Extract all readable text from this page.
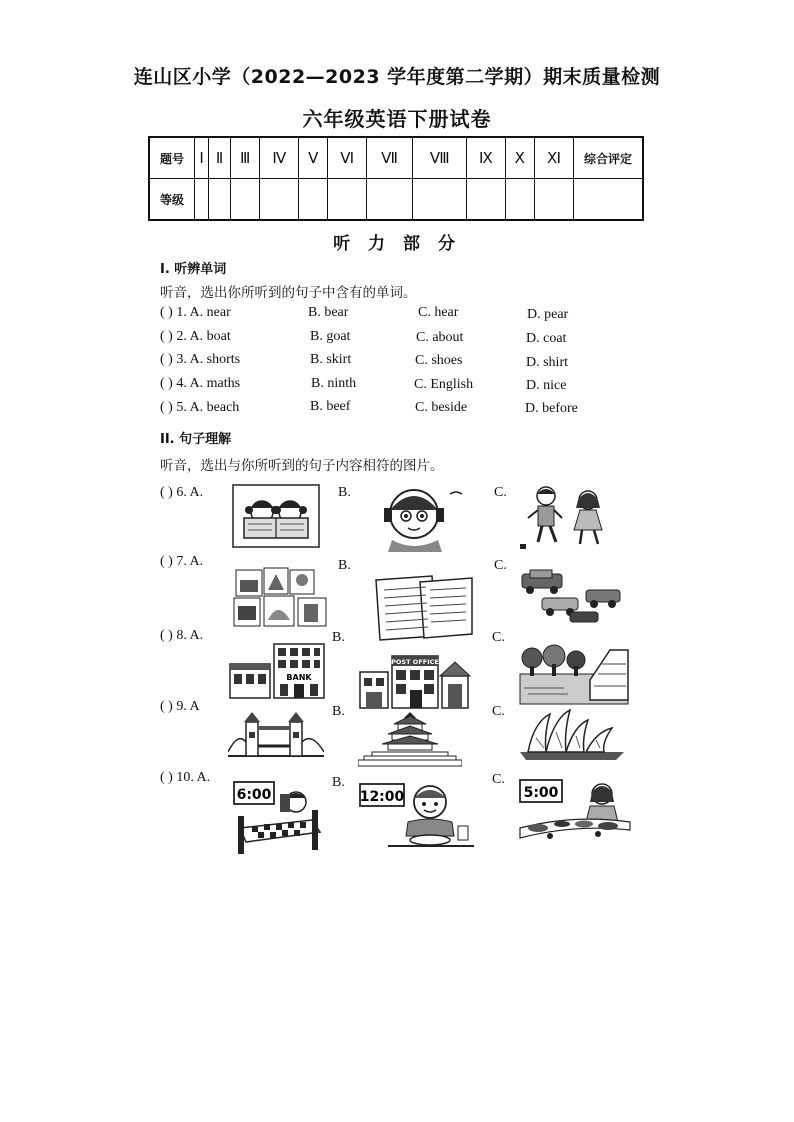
连山区小学（2022—2023 学年度第二学期）期末质量检测
六年级英语下册试卷
题号	Ⅰ	Ⅱ	Ⅲ	Ⅳ	Ⅴ	Ⅵ	Ⅶ	Ⅷ	Ⅸ	Ⅹ	Ⅺ	综合评定
等级												
听 力 部 分
Ⅰ. 听辨单词
听音，选出你所听到的句子中含有的单词。
( ) 1. A. near	B. bear	C. hear	D. pear
( ) 2. A. boat	B. goat	C. about	D. coat
( ) 3. A. shorts	B. skirt	C. shoes	D. shirt
( ) 4. A. maths	B. ninth	C. English	D. nice
( ) 5. A. beach	B. beef	C. beside	D. before
II. 句子理解
听音，选出与你所听到的句子内容相符的图片。
( ) 6. A.	B.	C.
( ) 7. A.	B.	C.
( ) 8. A.	B.	C.
BANK
POST OFFICE
( ) 9. A	B.	C.
( ) 10. A.	B.	C.
6:00	12:00	5:00
